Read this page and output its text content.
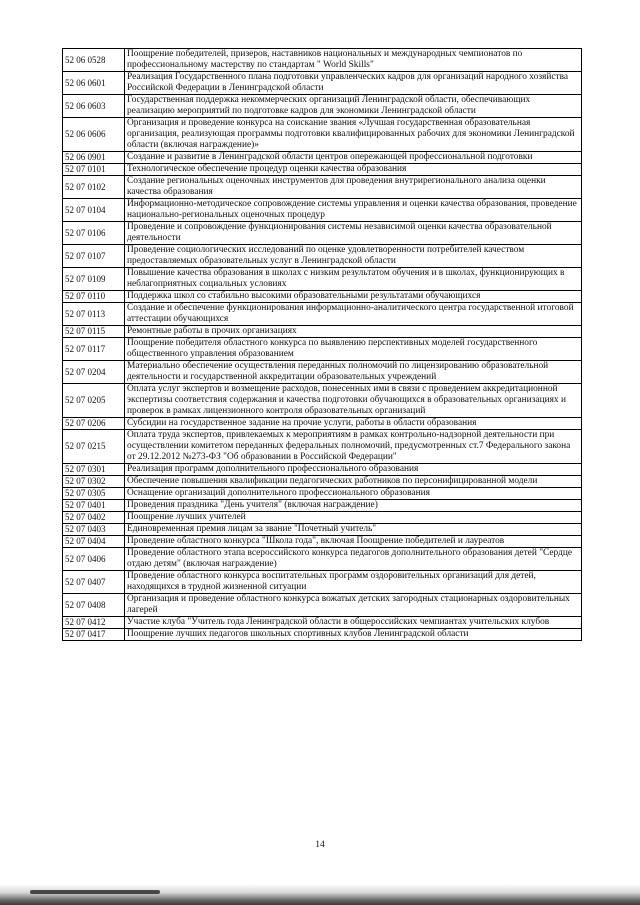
52 06 0528	Поощрение победителей, призеров, наставников национальных и международных чемпионатов по профессиональному мастерству по стандартам " World Skills"
52 06 0601	Реализация Государственного плана подготовки управленческих кадров для организаций народного хозяйства Российской Федерации в Ленинградской области
52 06 0603	Государственная поддержка некоммерческих организаций Ленинградской области, обеспечивающих реализацию мероприятий по подготовке кадров для экономики Ленинградской области
52 06 0606	Организация и проведение конкурса на соискание звания «Лучшая государственная образовательная организация, реализующая программы подготовки квалифицированных рабочих для экономики Ленинградской области (включая награждение)»
52 06 0901	Создание и развитие в Ленинградской области центров опережающей профессиональной подготовки
52 07 0101	Технологическое обеспечение процедур оценки качества образования
52 07 0102	Создание региональных оценочных инструментов для проведения внутрирегионального анализа оценки качества образования
52 07 0104	Информационно-методическое сопровождение системы управления и оценки качества образования, проведение национально-региональных оценочных процедур
52 07 0106	Проведение и сопровождение функционирования системы независимой оценки качества образовательной деятельности
52 07 0107	Проведение социологических исследований по оценке удовлетворенности потребителей качеством предоставляемых образовательных услуг в Ленинградской области
52 07 0109	Повышение качества образования в школах с низким результатом обучения и в школах, функционирующих в неблагоприятных социальных условиях
52 07 0110	Поддержка школ со стабильно высокими образовательными результатами обучающихся
52 07 0113	Создание и обеспечение функционирования информационно-аналитического центра государственной итоговой аттестации обучающихся
52 07 0115	Ремонтные работы в прочих организациях
52 07 0117	Поощрение победителя областного конкурса по выявлению перспективных моделей государственного общественного управления образованием
52 07 0204	Материально обеспечение осуществления переданных полномочий по лицензированию образовательной деятельности и государственной аккредитации образовательных учреждений
52 07 0205	Оплата услуг экспертов и возмещение расходов, понесенных ими в связи с проведением аккредитационной экспертизы соответствия содержания и качества подготовки обучающихся в образовательных организациях и проверок в рамках лицензионного контроля образовательных организаций
52 07 0206	Субсидии на государственное задание на прочие услуги, работы в области образования
52 07 0215	Оплата труда экспертов, привлекаемых к мероприятиям в рамках контрольно-надзорной деятельности при осуществлении комитетом переданных федеральных полномочий, предусмотренных ст.7 Федерального закона от 29.12.2012 №273-ФЗ "Об образовании в Российской Федерации"
52 07 0301	Реализация программ дополнительного профессионального образования
52 07 0302	Обеспечение повышения квалификации педагогических работников по персонифицированной модели
52 07 0305	Оснащение организаций дополнительного профессионального образования
52 07 0401	Проведения праздника "День учителя" (включая награждение)
52 07 0402	Поощрение лучших учителей
52 07 0403	Единовременная премия лицам за звание "Почетный учитель"
52 07 0404	Проведение областного конкурса "Школа года", включая Поощрение победителей и лауреатов
52 07 0406	Проведение областного этапа всероссийского конкурса педагогов дополнительного образования детей "Сердце отдаю детям" (включая награждение)
52 07 0407	Проведение областного конкурса воспитательных программ оздоровительных организаций для детей, находящихся в трудной жизненной ситуации
52 07 0408	Организация и проведение областного конкурса вожатых детских загородных стационарных оздоровительных лагерей
52 07 0412	Участие клуба "Учитель года Ленинградской области в общероссийских чемпиантах учительских клубов
52 07 0417	Поощрение лучших педагогов школьных спортивных клубов Ленинградской области
14
